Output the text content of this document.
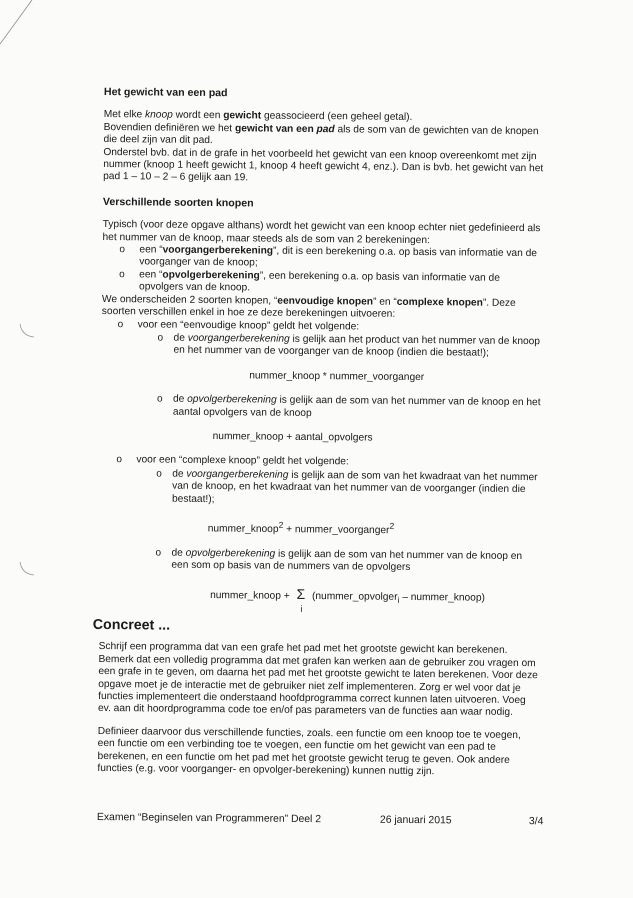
Het gewicht van een pad

Met elke knoop wordt een gewicht geassocieerd (een geheel getal).

Bovendien definiëren we het gewicht van een pad als de som van de gewichten van de knopen die deel zijn van dit pad.

Onderstel bvb. dat in de grafe in het voorbeeld het gewicht van een knoop overeenkomt met zijn nummer (knoop 1 heeft gewicht 1, knoop 4 heeft gewicht 4, enz.). Dan is bvb. het gewicht van het pad 1 – 10 – 2 – 6 gelijk aan 19.

Verschillende soorten knopen

Typisch (voor deze opgave althans) wordt het gewicht van een knoop echter niet gedefinieerd als het nummer van de knoop, maar steeds als de som van 2 berekeningen:

o een “voorgangerberekening”, dit is een berekening o.a. op basis van informatie van de voorganger van de knoop;
o een “opvolgerberekening”, een berekening o.a. op basis van informatie van de opvolgers van de knoop.

We onderscheiden 2 soorten knopen, “eenvoudige knopen” en “complexe knopen”. Deze soorten verschillen enkel in hoe ze deze berekeningen uitvoeren:

o voor een “eenvoudige knoop” geldt het volgende:
o de voorgangerberekening is gelijk aan het product van het nummer van de knoop en het nummer van de voorganger van de knoop (indien die bestaat!);
nummer_knoop * nummer_voorganger
o de opvolgerberekening is gelijk aan de som van het nummer van de knoop en het aantal opvolgers van de knoop
nummer_knoop + aantal_opvolgers
o voor een “complexe knoop” geldt het volgende:
o de voorgangerberekening is gelijk aan de som van het kwadraat van het nummer van de knoop, en het kwadraat van het nummer van de voorganger (indien die bestaat!);
nummer_knoop$^2$ + nummer_voorganger$^2$
o de opvolgerberekening is gelijk aan de som van het nummer van de knoop en een som op basis van de nummers van de opvolgers
nummer_knoop + Σ
i
(nummer_opvolger$_i$ – nummer_knoop)
Concreet ...

Schrijf een programma dat van een grafe het pad met het grootste gewicht kan berekenen. Bemerk dat een volledig programma dat met grafen kan werken aan de gebruiker zou vragen om een grafe in te geven, om daarna het pad met het grootste gewicht te laten berekenen. Voor deze opgave moet je de interactie met de gebruiker niet zelf implementeren. Zorg er wel voor dat je functies implementeert die onderstaand hoofdprogramma correct kunnen laten uitvoeren. Voeg ev. aan dit hoordprogramma code toe en/of pas parameters van de functies aan waar nodig.

Definieer daarvoor dus verschillende functies, zoals. een functie om een knoop toe te voegen, een functie om een verbinding toe te voegen, een functie om het gewicht van een pad te berekenen, en een functie om het pad met het grootste gewicht terug te geven. Ook andere functies (e.g. voor voorganger- en opvolger-berekening) kunnen nuttig zijn.

Examen “Beginselen van Programmeren” Deel 2	26 januari 2015	3/4
